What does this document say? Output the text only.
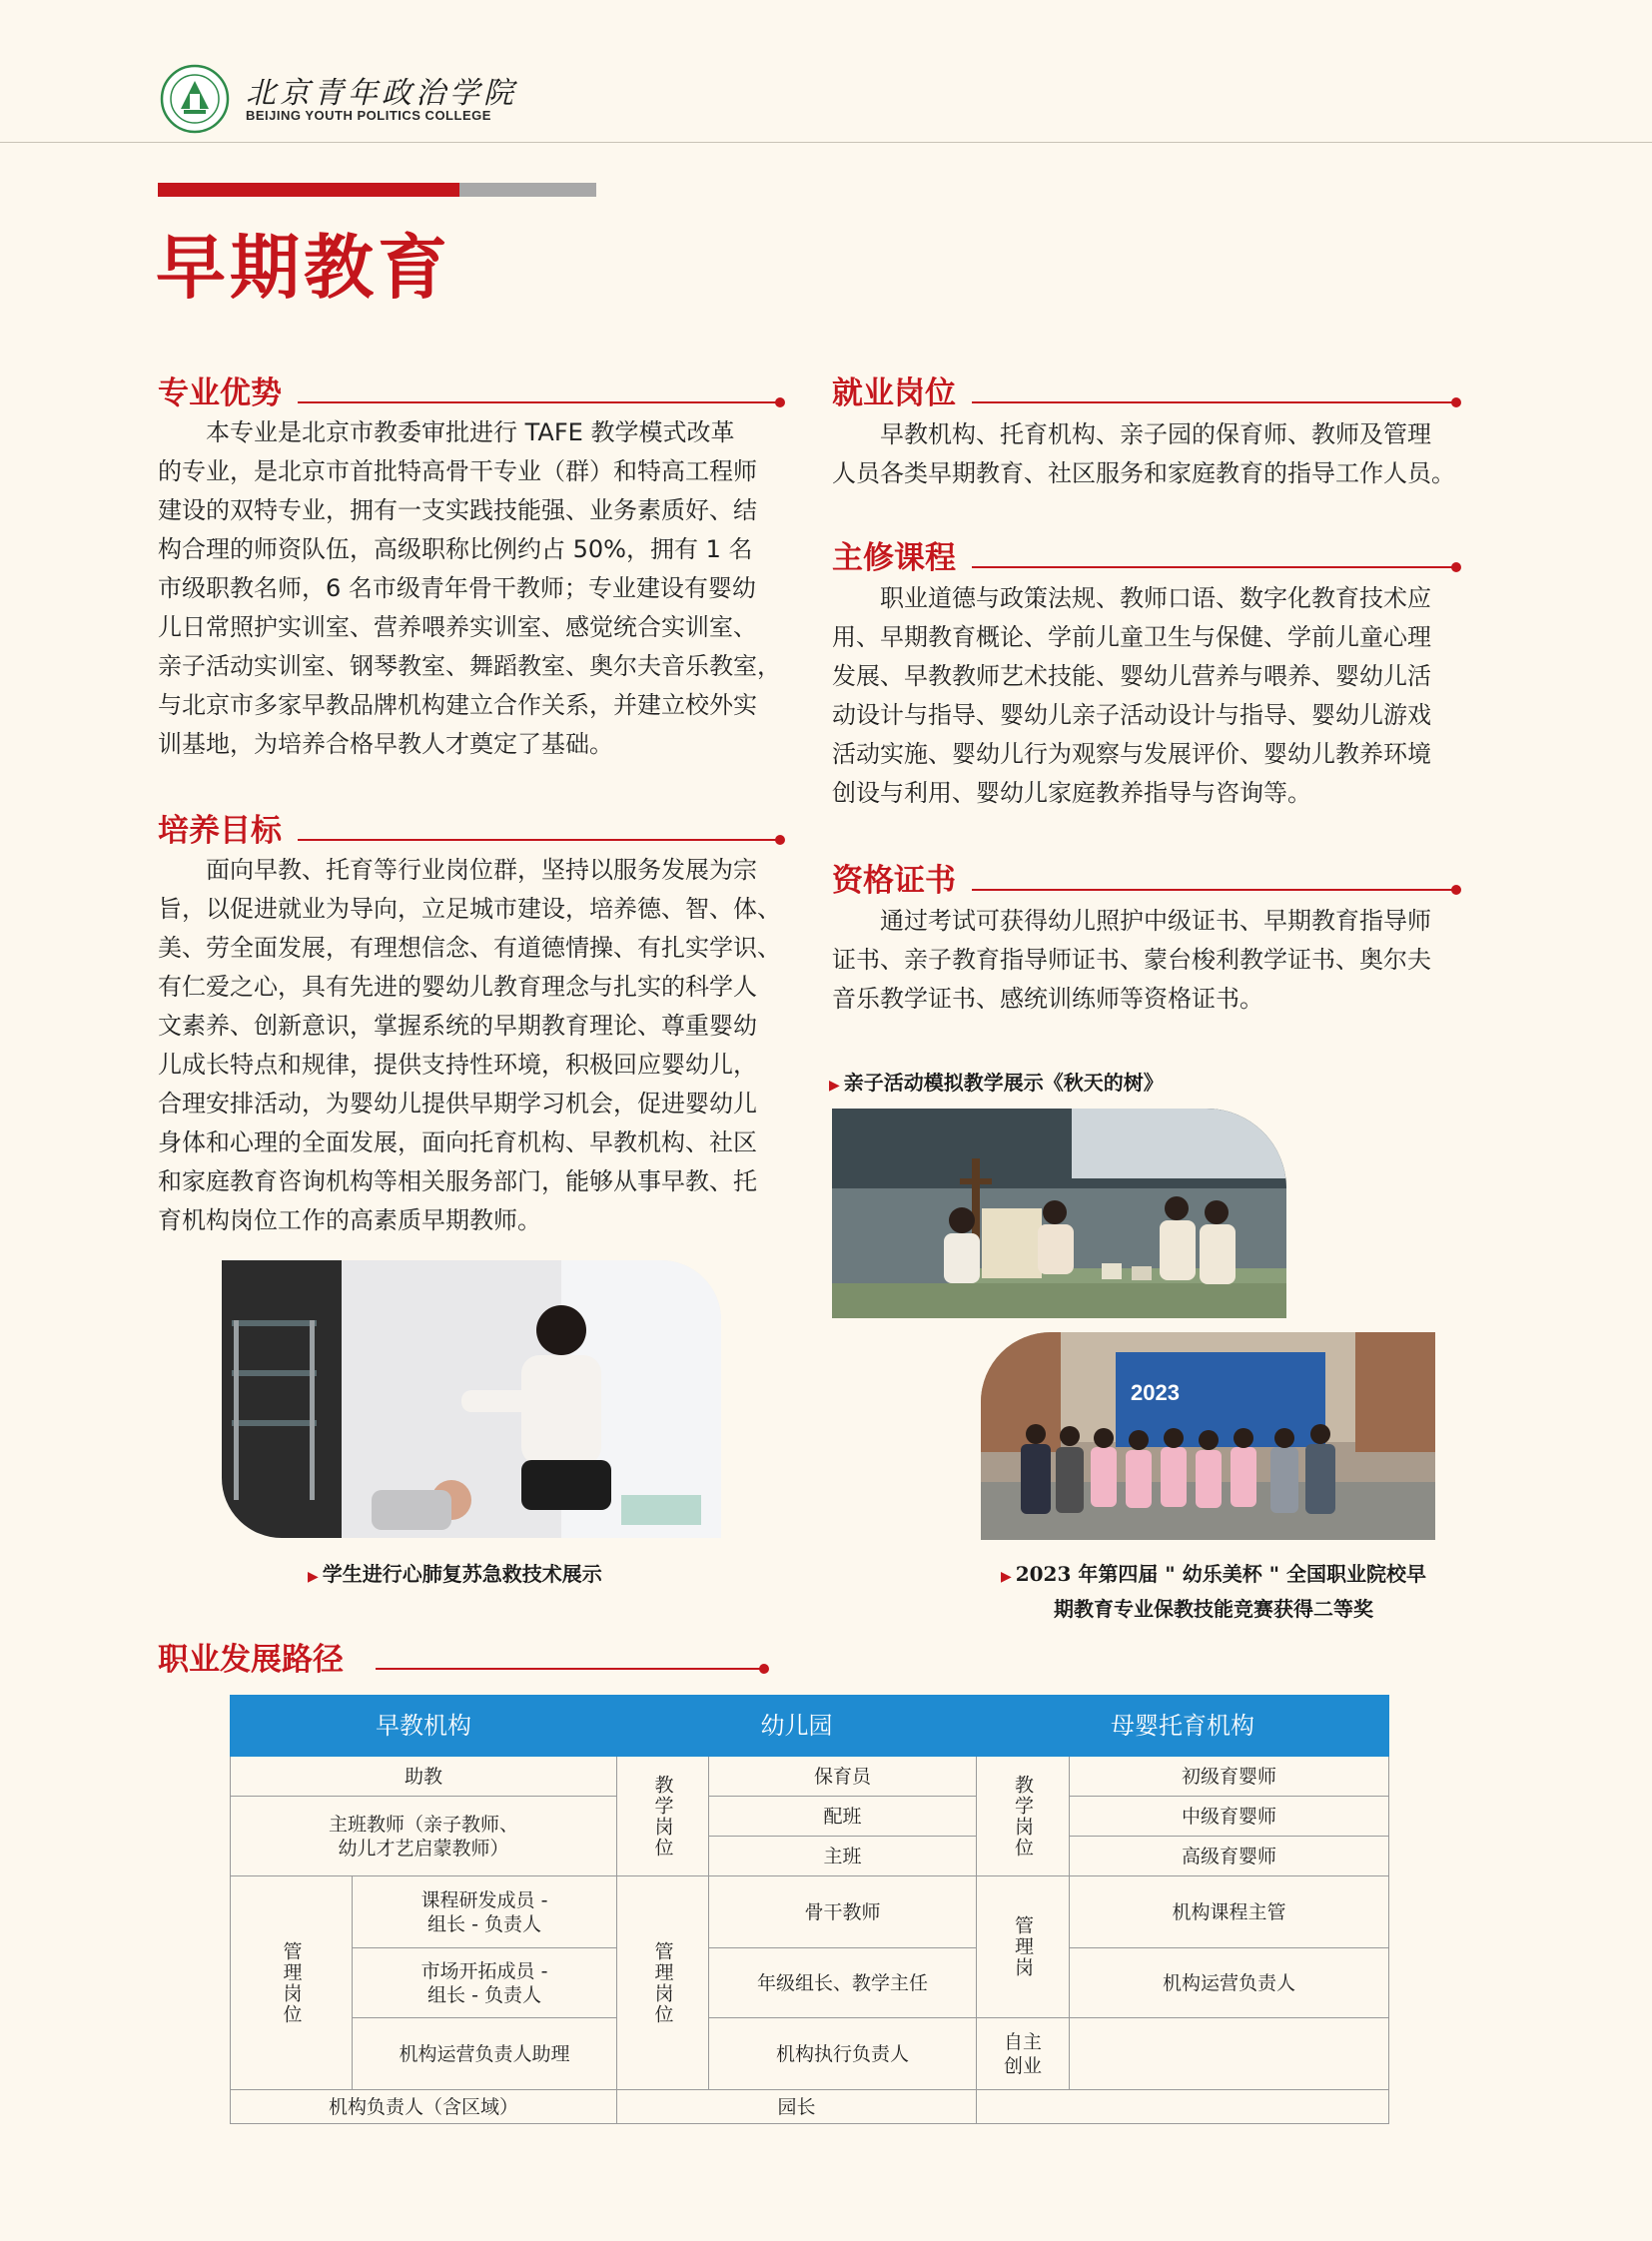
北京青年政治学院
BEIJING YOUTH POLITICS COLLEGE
早期教育
专业优势
本专业是北京市教委审批进行 TAFE 教学模式改革
的专业，是北京市首批特高骨干专业（群）和特高工程师
建设的双特专业，拥有一支实践技能强、业务素质好、结
构合理的师资队伍，高级职称比例约占 50%，拥有 1 名
市级职教名师，6 名市级青年骨干教师；专业建设有婴幼
儿日常照护实训室、营养喂养实训室、感觉统合实训室、
亲子活动实训室、钢琴教室、舞蹈教室、奥尔夫音乐教室，
与北京市多家早教品牌机构建立合作关系，并建立校外实
训基地，为培养合格早教人才奠定了基础。
培养目标
面向早教、托育等行业岗位群，坚持以服务发展为宗
旨，以促进就业为导向，立足城市建设，培养德、智、体、
美、劳全面发展，有理想信念、有道德情操、有扎实学识、
有仁爱之心，具有先进的婴幼儿教育理念与扎实的科学人
文素养、创新意识，掌握系统的早期教育理论、尊重婴幼
儿成长特点和规律，提供支持性环境，积极回应婴幼儿，
合理安排活动，为婴幼儿提供早期学习机会，促进婴幼儿
身体和心理的全面发展，面向托育机构、早教机构、社区
和家庭教育咨询机构等相关服务部门，能够从事早教、托
育机构岗位工作的高素质早期教师。
就业岗位
早教机构、托育机构、亲子园的保育师、教师及管理
人员各类早期教育、社区服务和家庭教育的指导工作人员。
主修课程
职业道德与政策法规、教师口语、数字化教育技术应
用、早期教育概论、学前儿童卫生与保健、学前儿童心理
发展、早教教师艺术技能、婴幼儿营养与喂养、婴幼儿活
动设计与指导、婴幼儿亲子活动设计与指导、婴幼儿游戏
活动实施、婴幼儿行为观察与发展评价、婴幼儿教养环境
创设与利用、婴幼儿家庭教养指导与咨询等。
资格证书
通过考试可获得幼儿照护中级证书、早期教育指导师
证书、亲子教育指导师证书、蒙台梭利教学证书、奥尔夫
音乐教学证书、感统训练师等资格证书。
▶ 亲子活动模拟教学展示《秋天的树》
2023
▶ 2023 年第四届 " 幼乐美杯 " 全国职业院校早
期教育专业保教技能竞赛获得二等奖
▶ 学生进行心肺复苏急救技术展示
职业发展路径
早教机构		幼儿园		母婴托育机构	
助教		教学岗位	保育员	教学岗位	初级育婴师

主班教师（亲子教师、
幼儿才艺启蒙教师）			配班		中级育婴师
			主班		高级育婴师
管理岗位	课程研发成员 -
组长 - 负责人	管理岗位	骨干教师	管理岗	机构课程主管

	市场开拓成员 -
组长 - 负责人		年级组长、教学主任		机构运营负责人
	机构运营负责人助理		机构执行负责人	自主创业	

机构负责人（含区域）		园长			
